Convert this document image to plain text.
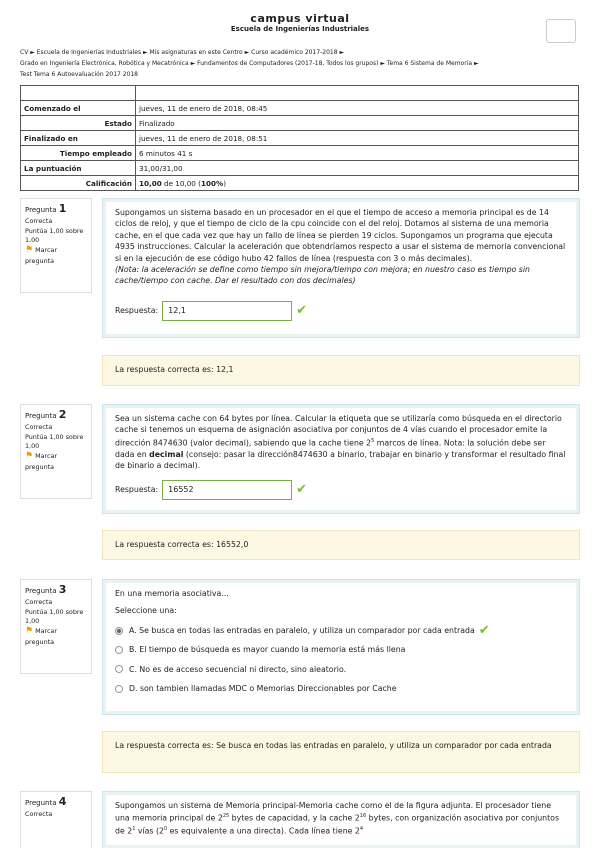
campus virtual
Escuela de Ingenierías Industriales
CV ► Escuela de Ingenierías Industriales ► Mis asignaturas en este Centro ► Curso académico 2017-2018 ►
Grado en Ingeniería Electrónica, Robótica y Mecatrónica ► Fundamentos de Computadores (2017-18, Todos los grupos) ► Tema 6 Sistema de Memoria ►
Test Tema 6 Autoevaluación 2017 2018

Comenzado el	jueves, 11 de enero de 2018, 08:45
Estado	Finalizado
Finalizado en	jueves, 11 de enero de 2018, 08:51
Tiempo empleado	6 minutos 41 s
La puntuación	31,00/31,00
Calificación	10,00 de 10,00 (100%)
Pregunta 1
Correcta
Puntúa 1,00 sobre 1,00
⚑ Marcar pregunta
Supongamos un sistema basado en un procesador en el que el tiempo de acceso a memoria principal es de 14 ciclos de reloj, y que el tiempo de ciclo de la cpu coincide con el del reloj. Dotamos al sistema de una memoria cache, en el que cada vez que hay un fallo de línea se pierden 19 ciclos. Supongamos un programa que ejecuta 4935 instrucciones. Calcular la aceleración que obtendríamos respecto a usar el sistema de memoria convencional si en la ejecución de ese código hubo 42 fallos de línea (respuesta con 3 o más decimales).
(Nota: la aceleración se define como tiempo sin mejora/tiempo con mejora; en nuestro caso es tiempo sin cache/tiempo con cache. Dar el resultado con dos decimales)
Respuesta:	12,1	✔
La respuesta correcta es: 12,1
Pregunta 2
Correcta
Puntúa 1,00 sobre 1,00
⚑ Marcar pregunta
Sea un sistema cache con 64 bytes por línea. Calcular la etiqueta que se utilizaría como búsqueda en el directorio cache si tenemos un esquema de asignación asociativa por conjuntos de 4 vías cuando el procesador emite la dirección 8474630 (valor decimal), sabiendo que la cache tiene $2^5$ marcos de línea. Nota: la solución debe ser dada en decimal (consejo: pasar la dirección8474630 a binario, trabajar en binario y transformar el resultado final de binario a decimal).
Respuesta:	16552	✔
La respuesta correcta es: 16552,0
Pregunta 3
Correcta
Puntúa 1,00 sobre 1,00
⚑ Marcar pregunta
En una memoria asociativa...
Seleccione una:
A. Se busca en todas las entradas en paralelo, y utiliza un comparador por cada entrada ✔
B. El tiempo de búsqueda es mayor cuando la memoria está más llena
C. No es de acceso secuencial ni directo, sino aleatorio.
D. son tambien llamadas MDC o Memorias Direccionables por Cache
La respuesta correcta es: Se busca en todas las entradas en paralelo, y utiliza un comparador por cada entrada
Pregunta 4
Correcta
Supongamos un sistema de Memoria principal-Memoria cache como el de la figura adjunta. El procesador tiene una memoria principal de $2^{25}$ bytes de capacidad, y la cache $2^{16}$ bytes, con organización asociativa por conjuntos de $2^1$ vías ($2^0$ es equivalente a una directa). Cada línea tiene $2^4$
